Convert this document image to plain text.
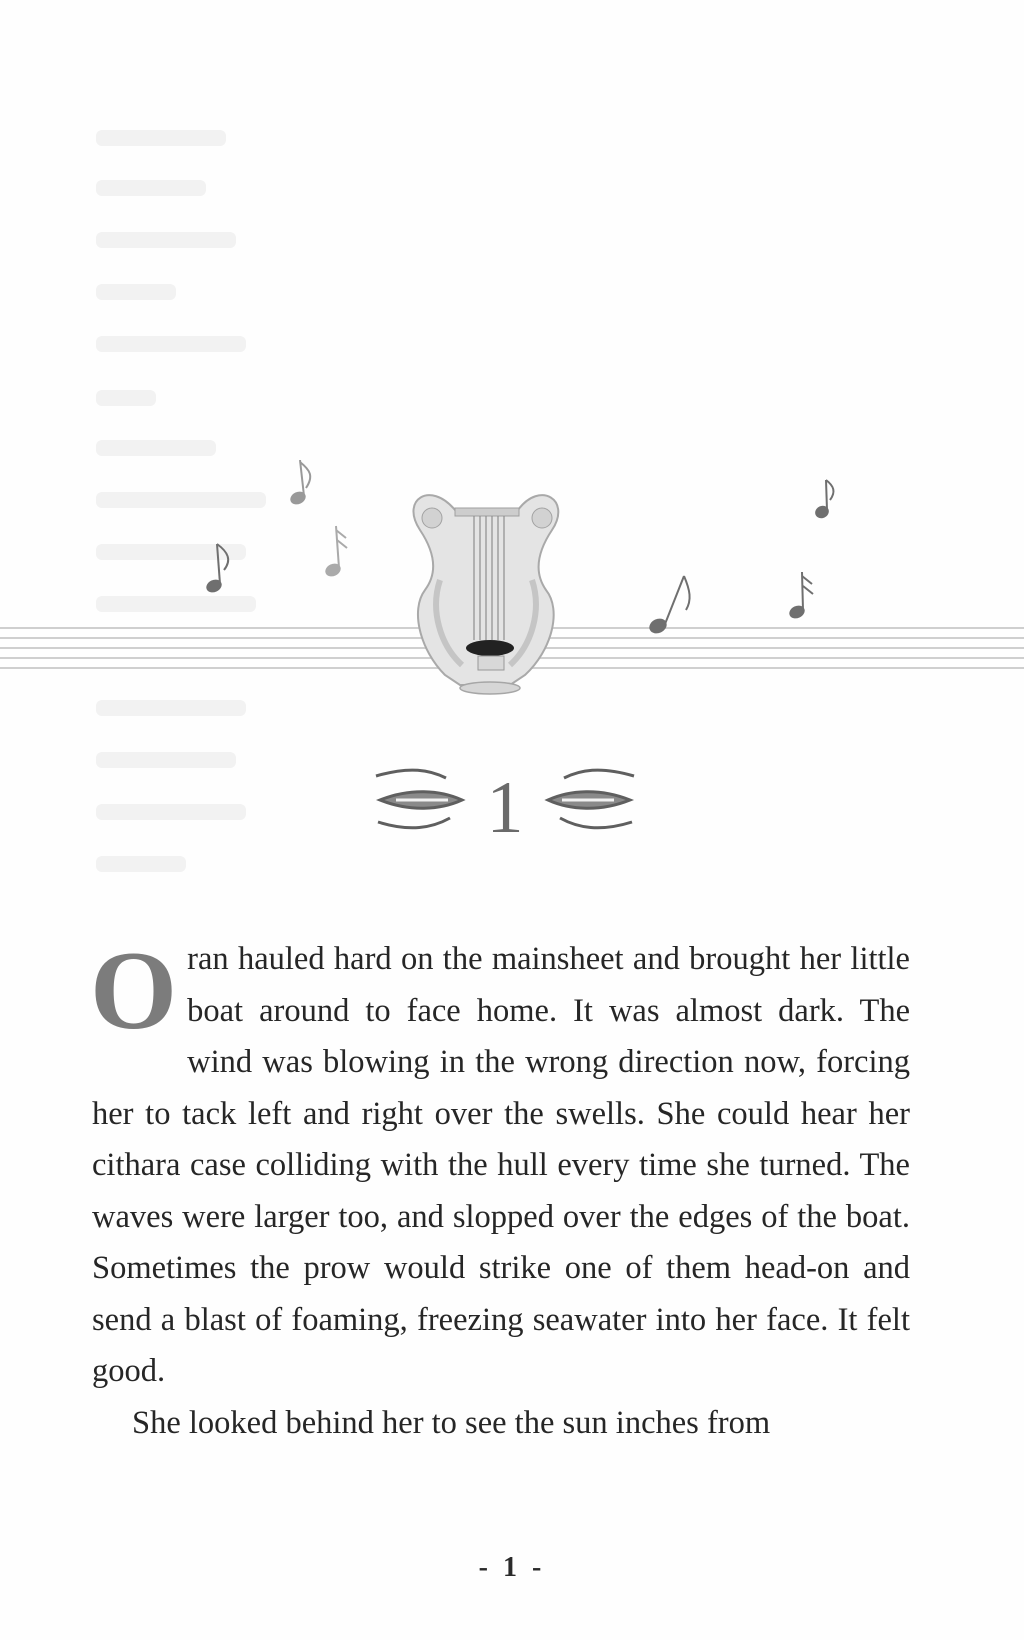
1

Oran hauled hard on the mainsheet and brought her little boat around to face home. It was almost dark. The wind was blowing in the wrong direction now, forcing her to tack left and right over the swells. She could hear her cithara case colliding with the hull every time she turned. The waves were larger too, and slopped over the edges of the boat. Sometimes the prow would strike one of them head-on and send a blast of foaming, freezing seawater into her face. It felt good.

She looked behind her to see the sun inches from

- 1 -
